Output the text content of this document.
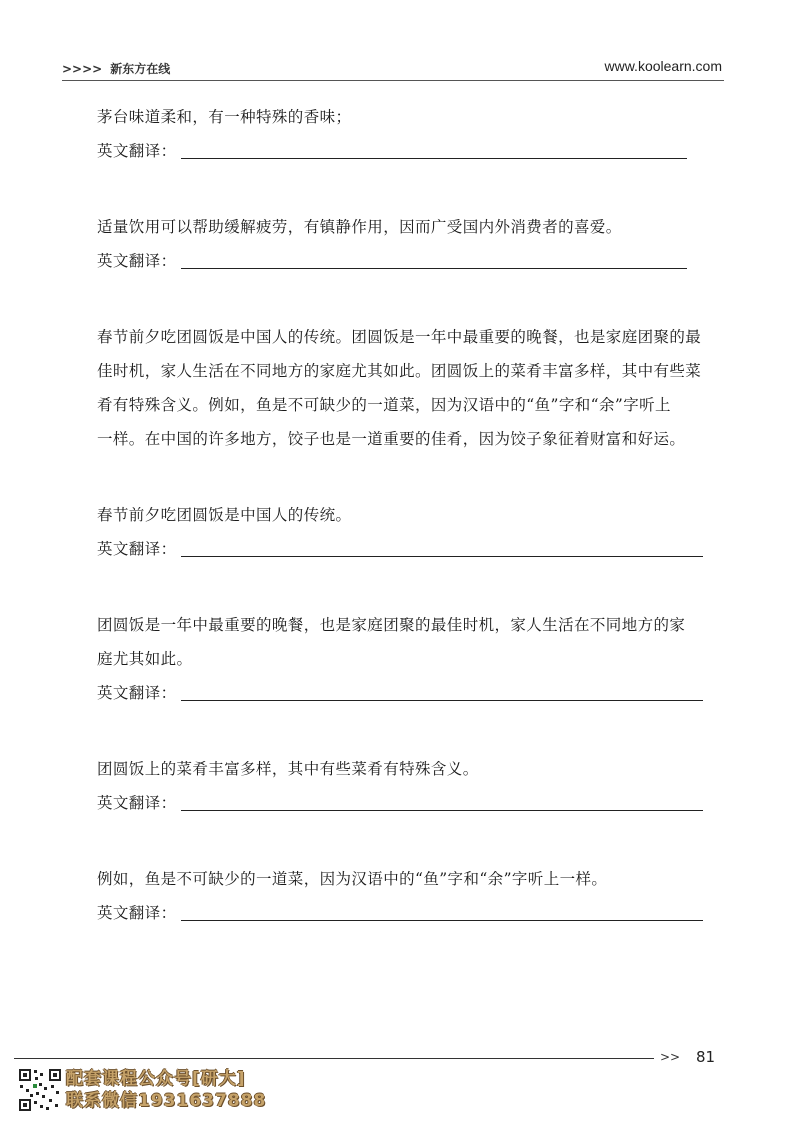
>>>> 新东方在线	www.koolearn.com

茅台味道柔和，有一种特殊的香味；

英文翻译：

适量饮用可以帮助缓解疲劳，有镇静作用，因而广受国内外消费者的喜爱。

英文翻译：

春节前夕吃团圆饭是中国人的传统。团圆饭是一年中最重要的晚餐，也是家庭团聚的最

佳时机，家人生活在不同地方的家庭尤其如此。团圆饭上的菜肴丰富多样，其中有些菜

肴有特殊含义。例如，鱼是不可缺少的一道菜，因为汉语中的“鱼”字和“余”字听上

一样。在中国的许多地方，饺子也是一道重要的佳肴，因为饺子象征着财富和好运。

春节前夕吃团圆饭是中国人的传统。

英文翻译：

团圆饭是一年中最重要的晚餐，也是家庭团聚的最佳时机，家人生活在不同地方的家

庭尤其如此。

英文翻译：

团圆饭上的菜肴丰富多样，其中有些菜肴有特殊含义。

英文翻译：

例如，鱼是不可缺少的一道菜，因为汉语中的“鱼”字和“余”字听上一样。

英文翻译：
>> 81
配套课程公众号[研大]
联系微信1931637888
